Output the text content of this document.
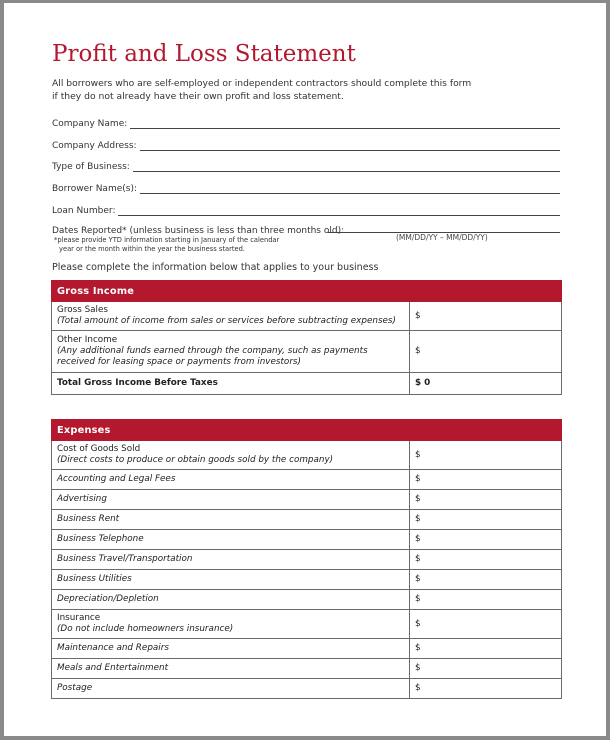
Profit and Loss Statement
All borrowers who are self-employed or independent contractors should complete this form if they do not already have their own profit and loss statement.
Company Name:
Company Address:
Type of Business:
Borrower Name(s):
Loan Number:
Dates Reported* (unless business is less than three months old):
(MM/DD/YY – MM/DD/YY)
*please provide YTD information starting in January of the calendar
year or the month within the year the business started.
Please complete the information below that applies to your business
Gross Income	

Gross Sales
(Total amount of income from sales or services before subtracting expenses)	$

Other Income
(Any additional funds earned through the company, such as payments received for leasing space or payments from investors)	$
Total Gross Income Before Taxes	$ 0
Expenses	

Cost of Goods Sold
(Direct costs to produce or obtain goods sold by the company)	$
Accounting and Legal Fees	$
Advertising	$
Business Rent	$
Business Telephone	$
Business Travel/Transportation	$
Business Utilities	$
Depreciation/Depletion	$

Insurance
(Do not include homeowners insurance)	$
Maintenance and Repairs	$
Meals and Entertainment	$
Postage	$
